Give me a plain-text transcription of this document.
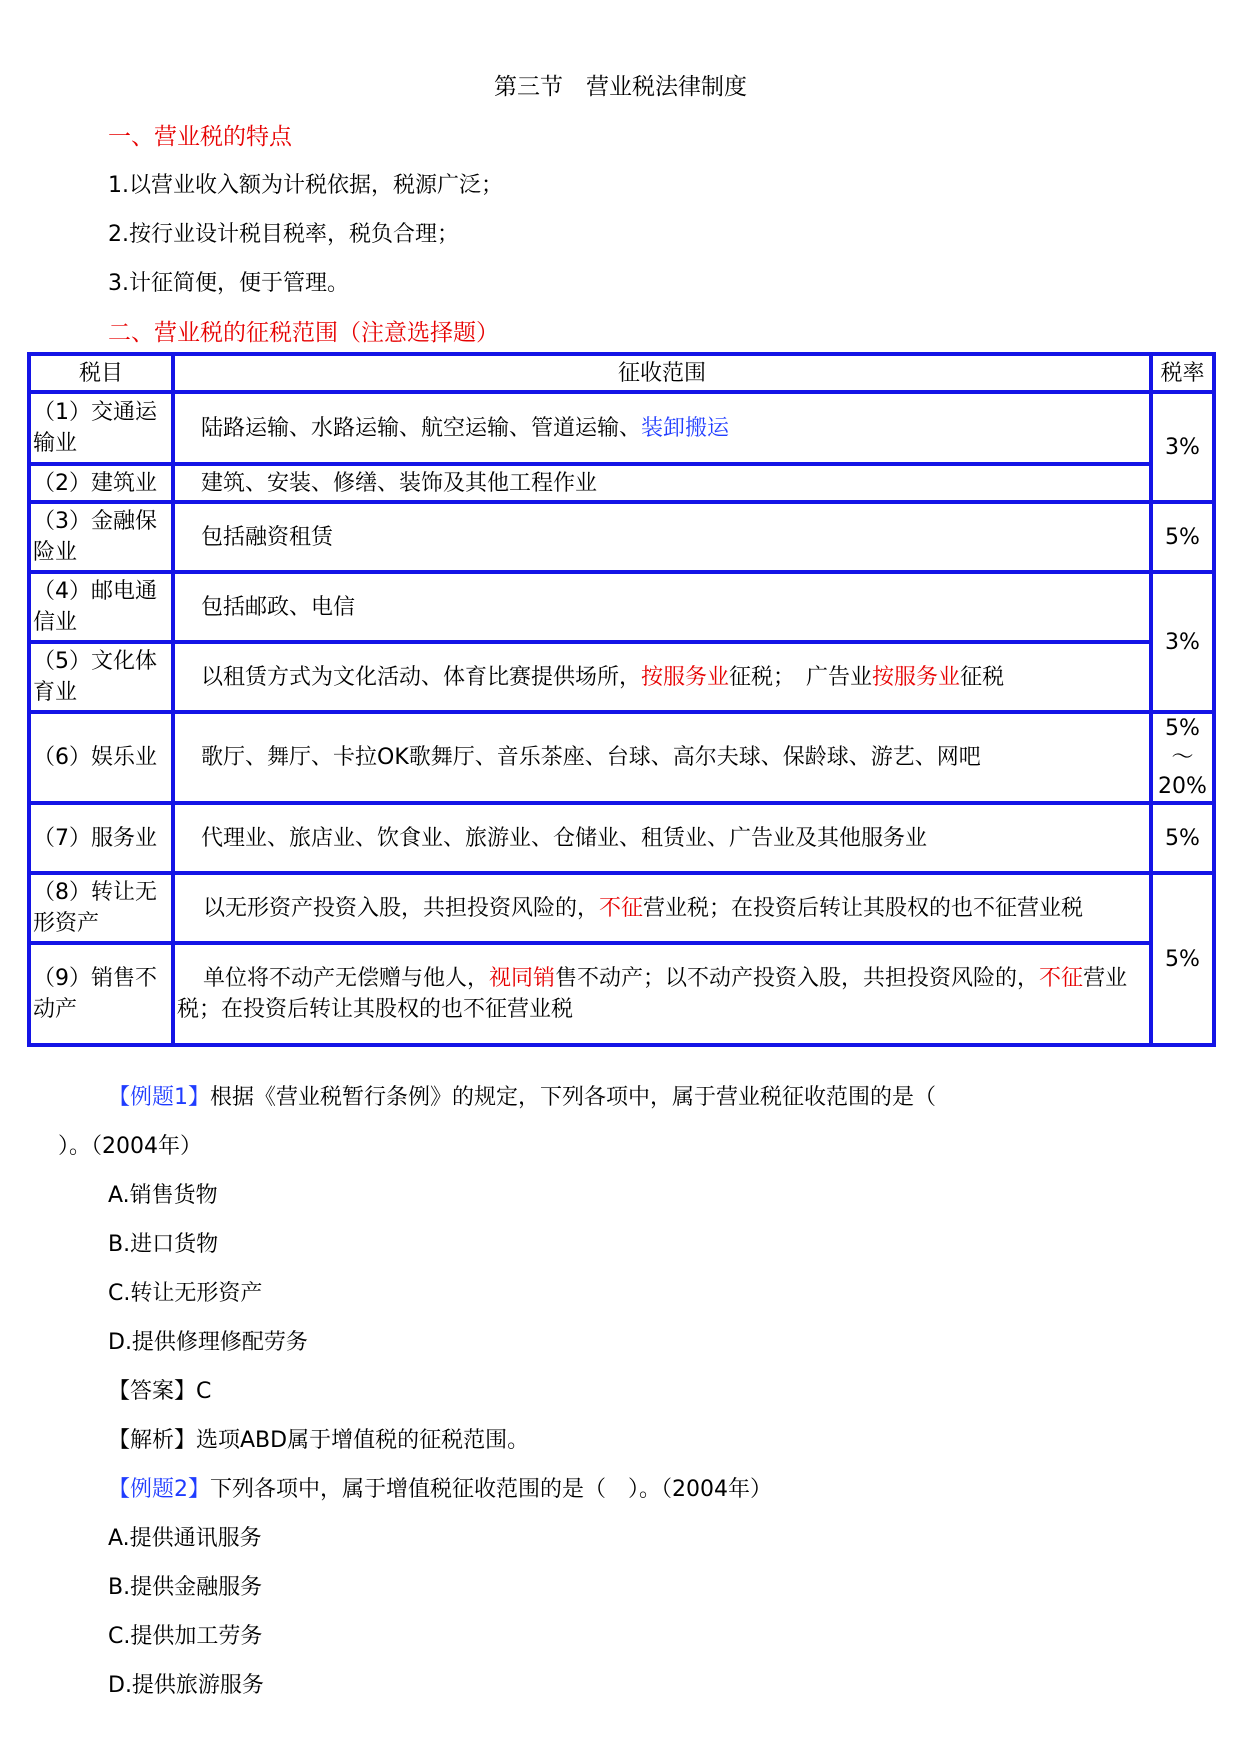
第三节　营业税法律制度
一、营业税的特点
1.以营业收入额为计税依据，税源广泛；
2.按行业设计税目税率，税负合理；
3.计征简便，便于管理。
二、营业税的征税范围（注意选择题）
税目	征收范围	税率
（1）交通运输业	陆路运输、水路运输、航空运输、管道运输、装卸搬运	3%
（2）建筑业	建筑、安装、修缮、装饰及其他工程作业	
（3）金融保险业	包括融资租赁	5%
（4）邮电通信业	包括邮政、电信	3%
（5）文化体育业	以租赁方式为文化活动、体育比赛提供场所，按服务业征税；　广告业按服务业征税	
（6）娱乐业	歌厅、舞厅、卡拉OK歌舞厅、音乐茶座、台球、高尔夫球、保龄球、游艺、网吧	5%～
20%
（7）服务业	代理业、旅店业、饮食业、旅游业、仓储业、租赁业、广告业及其他服务业	5%
（8）转让无形资产	以无形资产投资入股，共担投资风险的，不征营业税；在投资后转让其股权的也不征营业税	5%
（9）销售不动产	单位将不动产无偿赠与他人，视同销售不动产；以不动产投资入股，共担投资风险的，不征营业税；在投资后转让其股权的也不征营业税	
【例题1】根据《营业税暂行条例》的规定，下列各项中，属于营业税征收范围的是（
）。（2004年）
A.销售货物
B.进口货物
C.转让无形资产
D.提供修理修配劳务
【答案】C
【解析】选项ABD属于增值税的征税范围。
【例题2】下列各项中，属于增值税征收范围的是（　）。（2004年）
A.提供通讯服务
B.提供金融服务
C.提供加工劳务
D.提供旅游服务
